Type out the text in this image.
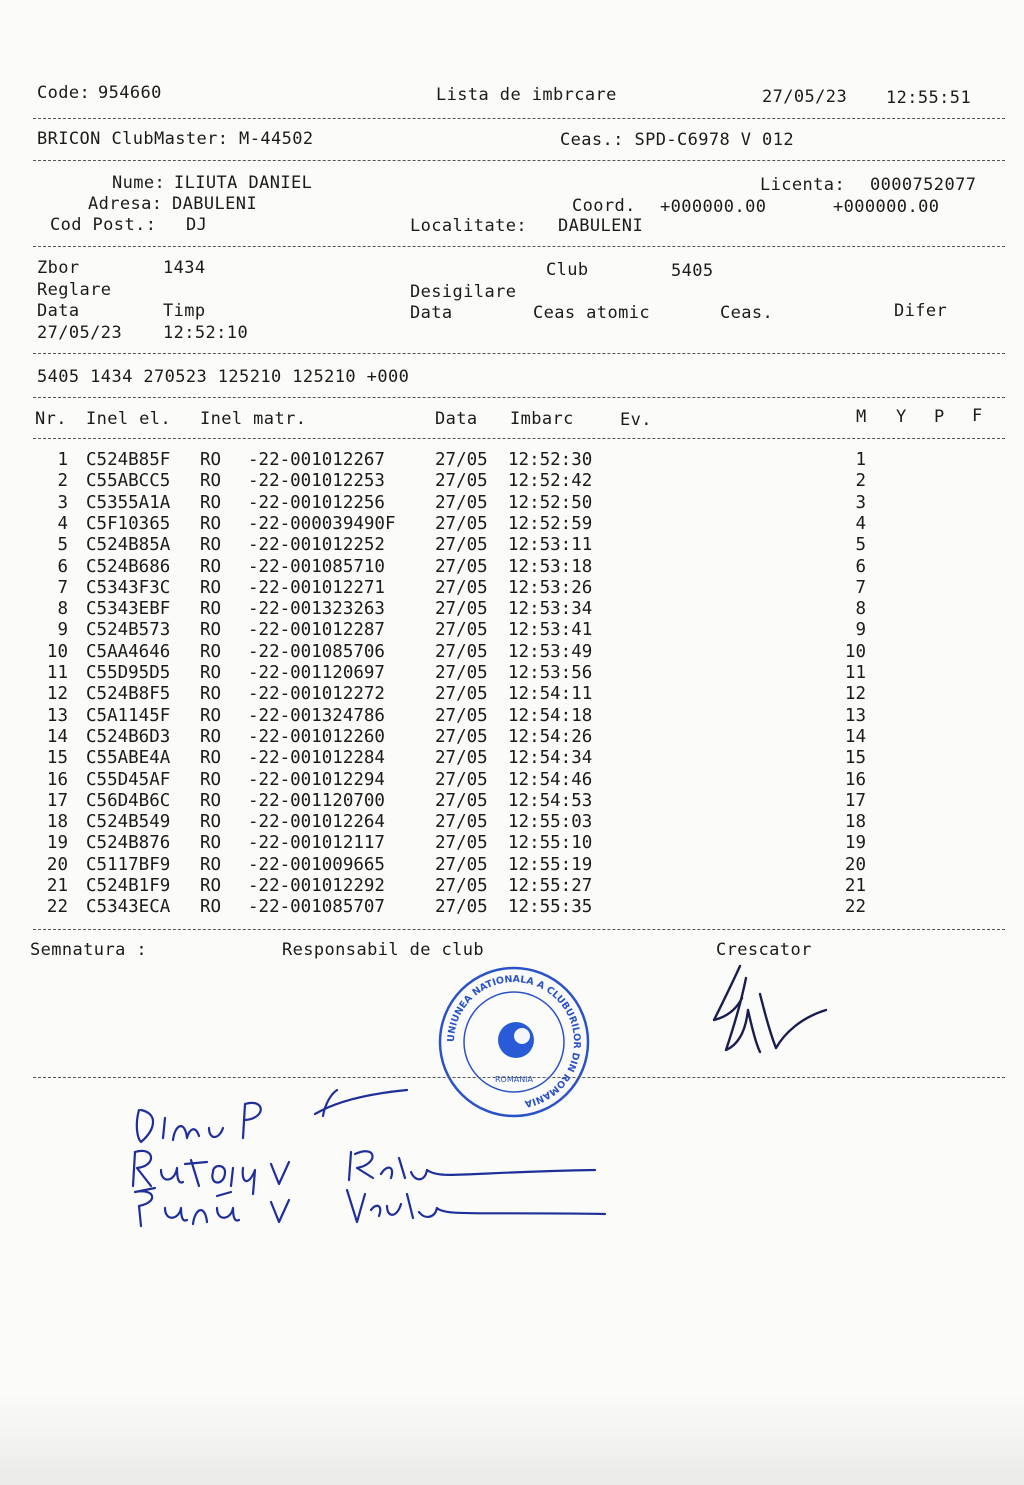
Code: 954660	Lista de imbrcare	27/05/23 12:55:51
BRICON ClubMaster: M-44502	Ceas.: SPD-C6978 V 012
Nume: ILIUTA DANIEL	Licenta: 0000752077
Adresa: DABULENI	Coord. +000000.00	+000000.00
Cod Post.: DJ	Localitate: DABULENI
Zbor	1434	Club	5405
Reglare	Desigilare
Data	Timp	Data	Ceas atomic	Ceas.	Difer
27/05/23 12:52:10
5405 1434 270523 125210 125210 +000
Nr. Inel el. Inel matr.	Data Imbarc	Ev.	M Y P F
1 C524B85F RO -22-001012267	27/05 12:52:30	1
2 C55ABCC5 RO -22-001012253	27/05 12:52:42	2
3 C5355A1A RO -22-001012256	27/05 12:52:50	3
4 C5F10365 RO -22-000039490F 27/05 12:52:59	4
5 C524B85A RO -22-001012252	27/05 12:53:11	5
6 C524B686 RO -22-001085710	27/05 12:53:18	6
7 C5343F3C RO -22-001012271	27/05 12:53:26	7
8 C5343EBF RO -22-001323263	27/05 12:53:34	8
9 C524B573 RO -22-001012287	27/05 12:53:41	9
10 C5AA4646 RO -22-001085706	27/05 12:53:49	10
11 C55D95D5 RO -22-001120697	27/05 12:53:56	11
12 C524B8F5 RO -22-001012272	27/05 12:54:11	12
13 C5A1145F RO -22-001324786	27/05 12:54:18	13
14 C524B6D3 RO -22-001012260	27/05 12:54:26	14
15 C55ABE4A RO -22-001012284	27/05 12:54:34	15
16 C55D45AF RO -22-001012294	27/05 12:54:46	16
17 C56D4B6C RO -22-001120700	27/05 12:54:53	17
18 C524B549 RO -22-001012264	27/05 12:55:03	18
19 C524B876 RO -22-001012117	27/05 12:55:10	19
20 C5117BF9 RO -22-001009665	27/05 12:55:19	20
21 C524B1F9 RO -22-001012292	27/05 12:55:27	21
22 C5343ECA RO -22-001085707	27/05 12:55:35	22
Semnatura :	Responsabil de club	Crescator
UNIUNEA NATIONALA A CLUBURILOR DIN ROMANIA
ROMANIA
